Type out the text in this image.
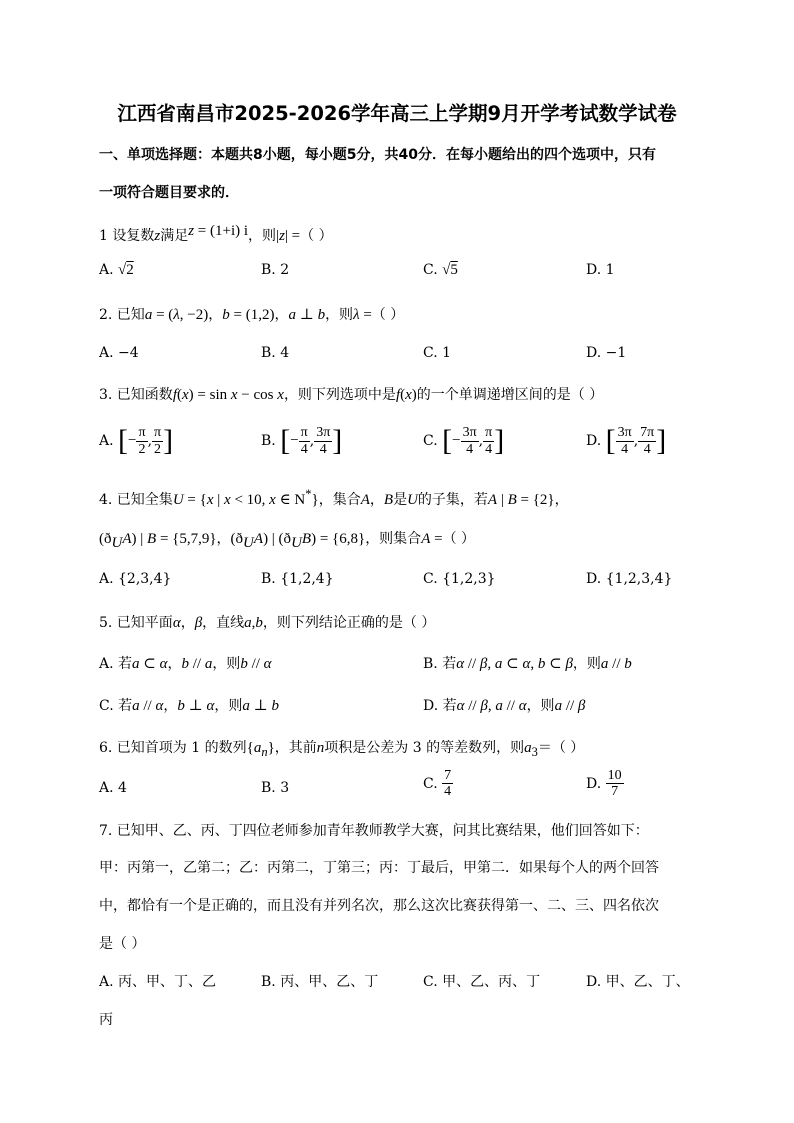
江西省南昌市2025-2026学年高三上学期9月开学考试数学试卷
一、单项选择题：本题共8小题，每小题5分，共40分．在每小题给出的四个选项中，只有
一项符合题目要求的．
1 设复数z满足z = (1+i) i，则|z| =（ ）
A. √2	B. 2	C. √5	D. 1
2. 已知a = (λ, −2)，b = (1,2)，a ⊥ b，则λ =（ ）
A. −4	B. 4	C. 1	D. −1
3. 已知函数f(x) = sin x − cos x，则下列选项中是f(x)的一个单调递增区间的是（ ）
A. [− $\frac{\pi}{2}$ , $\frac{\pi}{2}$ ]	B. [− $\frac{\pi}{4}$ , $\frac{3\pi}{4}$ ]	C. [− $\frac{3\pi}{4}$ , $\frac{\pi}{4}$ ]	D. [ $\frac{3\pi}{4}$ , $\frac{7\pi}{4}$ ]
4. 已知全集U = {x | x < 10, x ∈ N*}，集合A，B是U的子集，若A | B = {2}，
$(ð_UA)$ | B = {5,7,9}，$(ð_UA)$ | $(ð_UB) = \{6,8\}$，则集合A =（ ）
A. {2,3,4}	B. {1,2,4}	C. {1,2,3}	D. {1,2,3,4}
5. 已知平面α，β，直线a,b，则下列结论正确的是（ ）
A. 若a ⊂ α，b // a，则b // α	B. 若α // β, a ⊂ α, b ⊂ β，则a // b
C. 若a // α，b ⊥ α，则a ⊥ b	D. 若α // β, a // α，则a // β
6. 已知首项为 1 的数列$\{a_n\}$，其前n项积是公差为 3 的等差数列，则$a_3=$（ ）
A. 4	B. 3	C. $\frac{7}{4}$	D. $\frac{10}{7}$
7. 已知甲、乙、丙、丁四位老师参加青年教师教学大赛，问其比赛结果，他们回答如下：
甲：丙第一，乙第二；乙：丙第二，丁第三；丙：丁最后，甲第二．如果每个人的两个回答
中，都恰有一个是正确的，而且没有并列名次，那么这次比赛获得第一、二、三、四名依次
是（ ）
A. 丙、甲、丁、乙	B. 丙、甲、乙、丁	C. 甲、乙、丙、丁	D. 甲、乙、丁、
丙
